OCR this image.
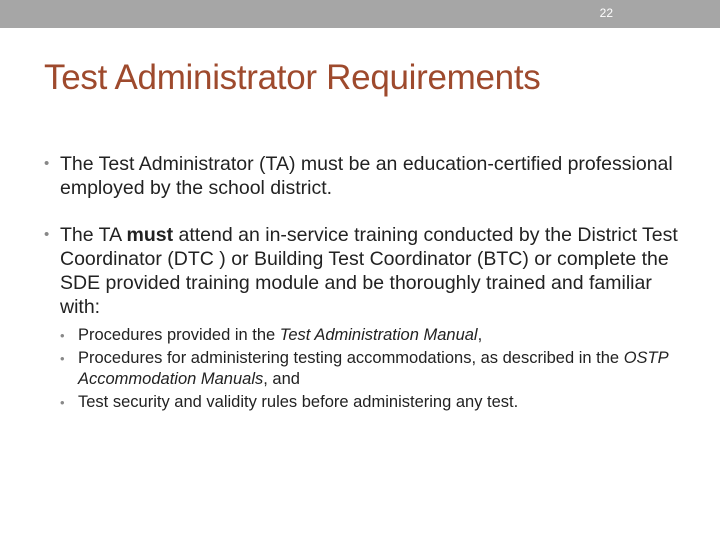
22
Test Administrator Requirements
• The Test Administrator (TA) must be an education-certified professional employed by the school district.
• The TA must attend an in-service training conducted by the District Test Coordinator (DTC ) or Building Test Coordinator (BTC) or complete the SDE provided training module and be thoroughly trained and familiar with:
• Procedures provided in the Test Administration Manual,
• Procedures for administering testing accommodations, as described in the OSTP Accommodation Manuals, and
• Test security and validity rules before administering any test.
